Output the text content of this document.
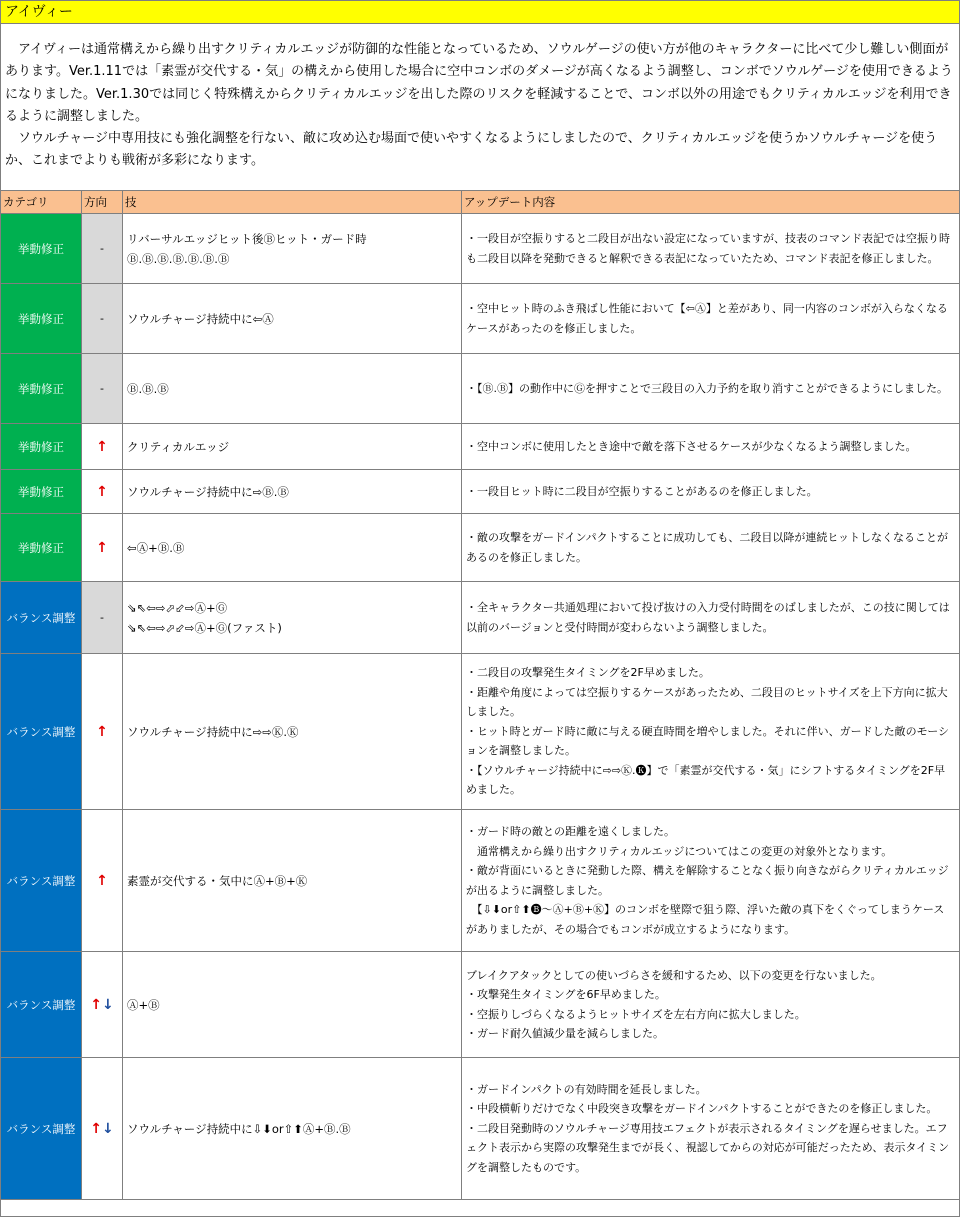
アイヴィー

アイヴィーは通常構えから繰り出すクリティカルエッジが防御的な性能となっているため、ソウルゲージの使い方が他のキャラクターに比べて少し難しい側面があります。Ver.1.11では「素霊が交代する・気」の構えから使用した場合に空中コンボのダメージが高くなるよう調整し、コンボでソウルゲージを使用できるようになりました。Ver.1.30では同じく特殊構えからクリティカルエッジを出した際のリスクを軽減することで、コンボ以外の用途でもクリティカルエッジを利用できるように調整しました。

ソウルチャージ中専用技にも強化調整を行ない、敵に攻め込む場面で使いやすくなるようにしましたので、クリティカルエッジを使うかソウルチャージを使うか、これまでよりも戦術が多彩になります。

カテゴリ	方向	技	アップデート内容
挙動修正	-	リバーサルエッジヒット後Ⓑヒット・ガード時Ⓑ.Ⓑ.Ⓑ.Ⓑ.Ⓑ.Ⓑ.Ⓑ	・一段目が空振りすると二段目が出ない設定になっていますが、技表のコマンド表記では空振り時も二段目以降を発動できると解釈できる表記になっていたため、コマンド表記を修正しました。

挙動修正	-	ソウルチャージ持続中に⇦Ⓐ	・空中ヒット時のふき飛ばし性能において【⇦Ⓐ】と差があり、同一内容のコンボが入らなくなるケースがあったのを修正しました。

挙動修正	-	Ⓑ.Ⓑ.Ⓑ	・【Ⓑ.Ⓑ】の動作中にⒼを押すことで三段目の入力予約を取り消すことができるようにしました。

挙動修正	↑	クリティカルエッジ	・空中コンボに使用したとき途中で敵を落下させるケースが少なくなるよう調整しました。

挙動修正	↑	ソウルチャージ持続中に⇨Ⓑ.Ⓑ	・一段目ヒット時に二段目が空振りすることがあるのを修正しました。

挙動修正	↑	⇦Ⓐ+Ⓑ.Ⓑ	・敵の攻撃をガードインパクトすることに成功しても、二段目以降が連続ヒットしなくなることがあるのを修正しました。

バランス調整	-	⇘⇖⇦⇨⬀⬃⇨Ⓐ+Ⓖ
⇘⇖⇦⇨⬀⬃⇨Ⓐ+Ⓖ(ファスト)	・全キャラクター共通処理において投げ抜けの入力受付時間をのばしましたが、この技に関しては以前のバージョンと受付時間が変わらないよう調整しました。

バランス調整	↑	ソウルチャージ持続中に⇨⇨Ⓚ.Ⓚ	・二段目の攻撃発生タイミングを2F早めました。
・距離や角度によっては空振りするケースがあったため、二段目のヒットサイズを上下方向に拡大しました。
・ヒット時とガード時に敵に与える硬直時間を増やしました。それに伴い、ガードした敵のモーションを調整しました。
・【ソウルチャージ持続中に⇨⇨Ⓚ.🅚】で「素霊が交代する・気」にシフトするタイミングを2F早めました。

バランス調整	↑	素霊が交代する・気中にⒶ+Ⓑ+Ⓚ	・ガード時の敵との距離を遠くしました。
　通常構えから繰り出すクリティカルエッジについてはこの変更の対象外となります。
・敵が背面にいるときに発動した際、構えを解除することなく振り向きながらクリティカルエッジが出るように調整しました。
　【⇩⬇or⇧⬆🅑～Ⓐ+Ⓑ+Ⓚ】のコンボを壁際で狙う際、浮いた敵の真下をくぐってしまうケースがありましたが、その場合でもコンボが成立するようになります。

バランス調整	↑↓	Ⓐ+Ⓑ	ブレイクアタックとしての使いづらさを緩和するため、以下の変更を行ないました。
・攻撃発生タイミングを6F早めました。
・空振りしづらくなるようヒットサイズを左右方向に拡大しました。
・ガード耐久値減少量を減らしました。

バランス調整	↑↓	ソウルチャージ持続中に⇩⬇or⇧⬆Ⓐ+Ⓑ.Ⓑ	・ガードインパクトの有効時間を延長しました。
・中段横斬りだけでなく中段突き攻撃をガードインパクトすることができたのを修正しました。
・二段目発動時のソウルチャージ専用技エフェクトが表示されるタイミングを遅らせました。エフェクト表示から実際の攻撃発生までが長く、視認してからの対応が可能だったため、表示タイミングを調整したものです。
